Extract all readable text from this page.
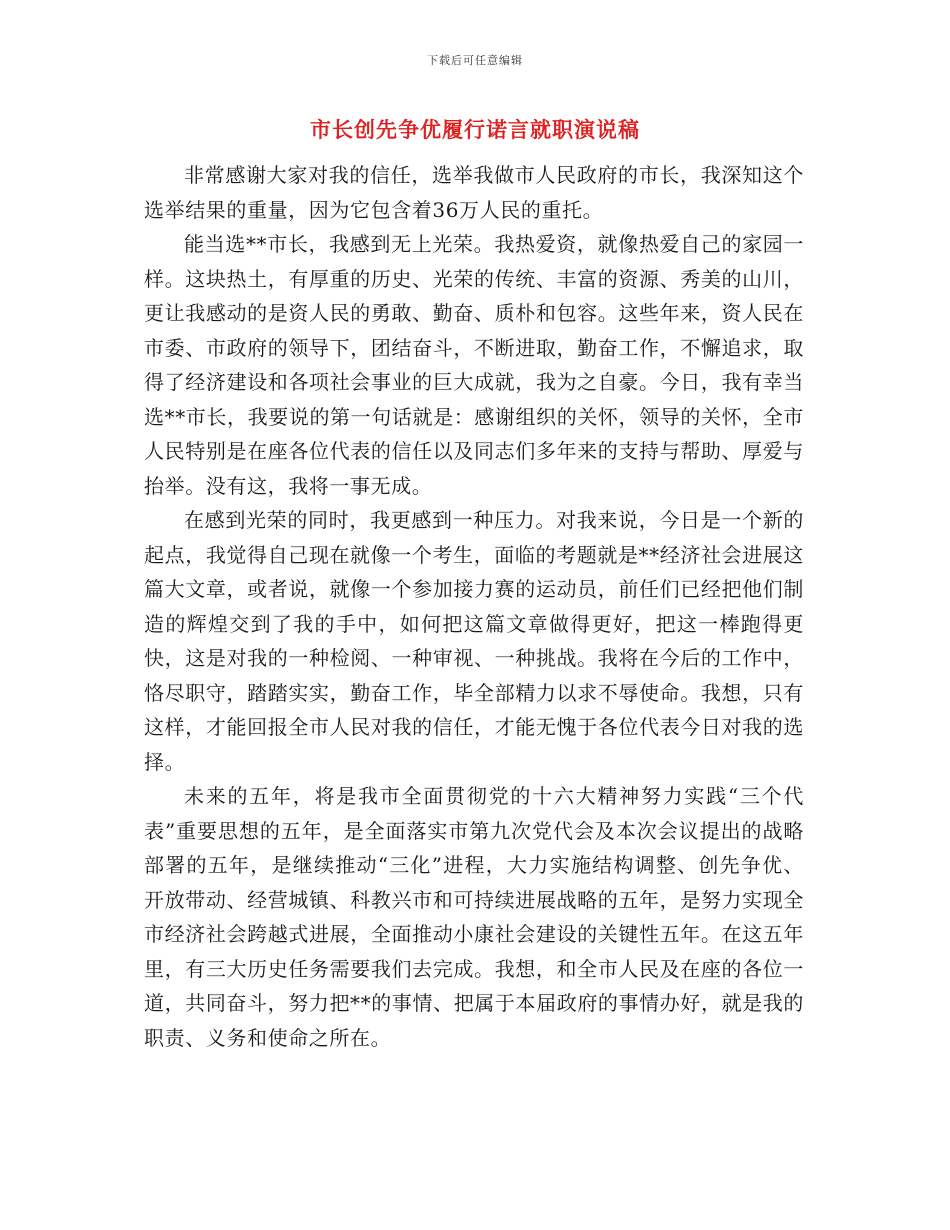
下载后可任意编辑
市长创先争优履行诺言就职演说稿

非常感谢大家对我的信任，选举我做市人民政府的市长，我深知这个选举结果的重量，因为它包含着36万人民的重托。

能当选**市长，我感到无上光荣。我热爱资，就像热爱自己的家园一样。这块热土，有厚重的历史、光荣的传统、丰富的资源、秀美的山川，更让我感动的是资人民的勇敢、勤奋、质朴和包容。这些年来，资人民在市委、市政府的领导下，团结奋斗，不断进取，勤奋工作，不懈追求，取得了经济建设和各项社会事业的巨大成就，我为之自豪。今日，我有幸当选**市长，我要说的第一句话就是：感谢组织的关怀，领导的关怀，全市人民特别是在座各位代表的信任以及同志们多年来的支持与帮助、厚爱与抬举。没有这，我将一事无成。

在感到光荣的同时，我更感到一种压力。对我来说，今日是一个新的起点，我觉得自己现在就像一个考生，面临的考题就是**经济社会进展这篇大文章，或者说，就像一个参加接力赛的运动员，前任们已经把他们制造的辉煌交到了我的手中，如何把这篇文章做得更好，把这一棒跑得更快，这是对我的一种检阅、一种审视、一种挑战。我将在今后的工作中，恪尽职守，踏踏实实，勤奋工作，毕全部精力以求不辱使命。我想，只有这样，才能回报全市人民对我的信任，才能无愧于各位代表今日对我的选择。

未来的五年，将是我市全面贯彻党的十六大精神努力实践“三个代表”重要思想的五年，是全面落实市第九次党代会及本次会议提出的战略部署的五年，是继续推动“三化”进程，大力实施结构调整、创先争优、开放带动、经营城镇、科教兴市和可持续进展战略的五年，是努力实现全市经济社会跨越式进展，全面推动小康社会建设的关键性五年。在这五年里，有三大历史任务需要我们去完成。我想，和全市人民及在座的各位一道，共同奋斗，努力把**的事情、把属于本届政府的事情办好，就是我的职责、义务和使命之所在。
